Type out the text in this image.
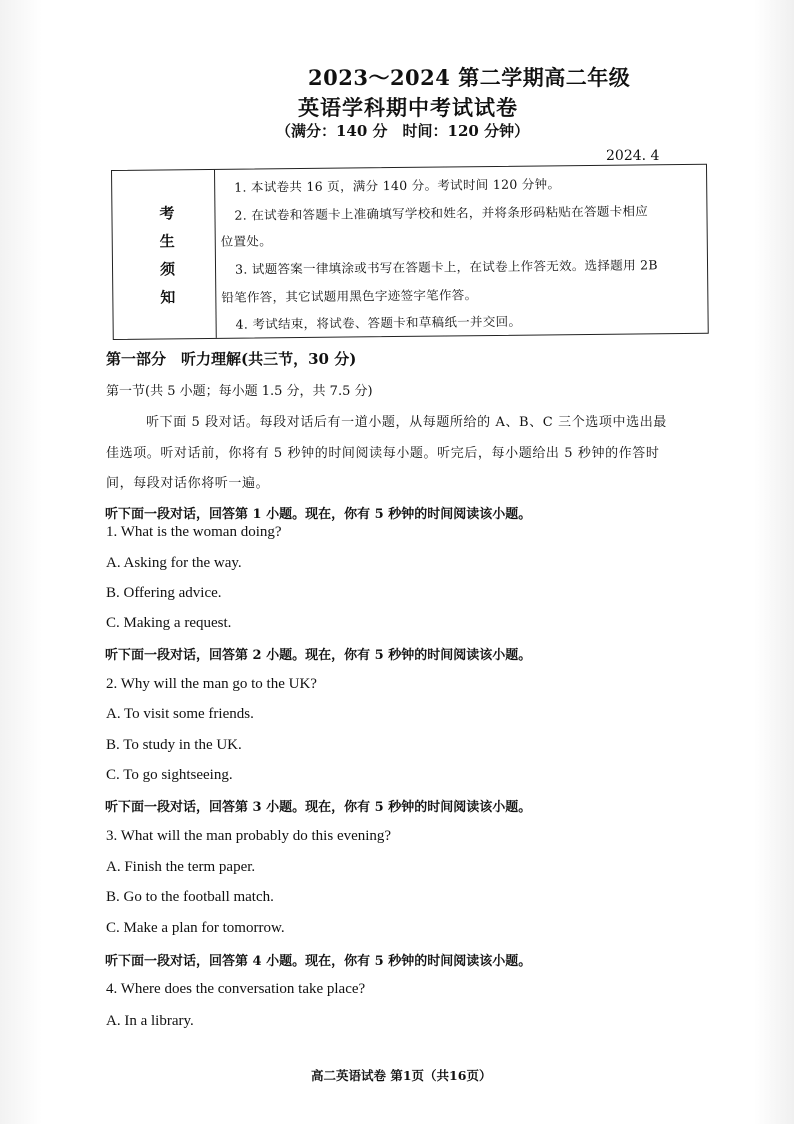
2023～2024 第二学期高二年级
英语学科期中考试试卷
（满分：140 分　时间：120 分钟）
2024. 4
考
生
须
知
1. 本试卷共 16 页，满分 140 分。考试时间 120 分钟。
2. 在试卷和答题卡上准确填写学校和姓名，并将条形码粘贴在答题卡相应
位置处。
3. 试题答案一律填涂或书写在答题卡上，在试卷上作答无效。选择题用 2B
铅笔作答，其它试题用黑色字迹签字笔作答。
4. 考试结束，将试卷、答题卡和草稿纸一并交回。
第一部分　听力理解(共三节，30 分)
第一节(共 5 小题；每小题 1.5 分，共 7.5 分)
听下面 5 段对话。每段对话后有一道小题，从每题所给的 A、B、C 三个选项中选出最
佳选项。听对话前，你将有 5 秒钟的时间阅读每小题。听完后，每小题给出 5 秒钟的作答时
间，每段对话你将听一遍。
听下面一段对话，回答第 1 小题。现在，你有 5 秒钟的时间阅读该小题。
1. What is the woman doing?
A. Asking for the way.
B. Offering advice.
C. Making a request.
听下面一段对话，回答第 2 小题。现在，你有 5 秒钟的时间阅读该小题。
2. Why will the man go to the UK?
A. To visit some friends.
B. To study in the UK.
C. To go sightseeing.
听下面一段对话，回答第 3 小题。现在，你有 5 秒钟的时间阅读该小题。
3. What will the man probably do this evening?
A. Finish the term paper.
B. Go to the football match.
C. Make a plan for tomorrow.
听下面一段对话，回答第 4 小题。现在，你有 5 秒钟的时间阅读该小题。
4. Where does the conversation take place?
A. In a library.
高二英语试卷 第1页（共16页）
